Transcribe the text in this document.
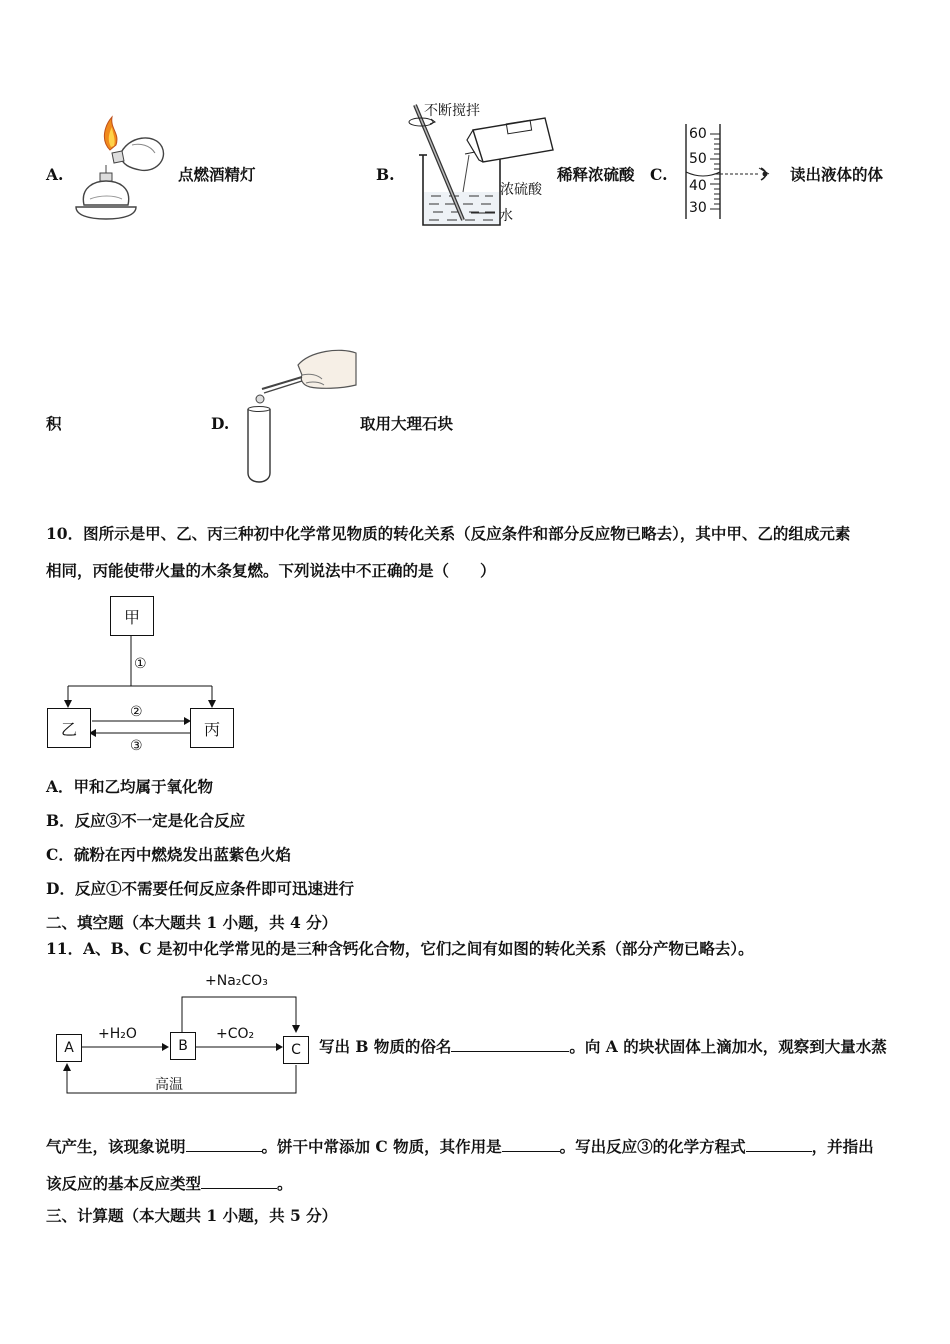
A.	点燃酒精灯	B.
不断搅拌
浓硫酸
水
稀释浓硫酸 C.
60
50
40
30
读出液体的体
积	D.	取用大理石块
10．图所示是甲、乙、丙三种初中化学常见物质的转化关系（反应条件和部分反应物已略去），其中甲、乙的组成元素
相同，丙能使带火量的木条复燃。下列说法中不正确的是（　　）
甲
乙	丙
①
②
③
A．甲和乙均属于氧化物
B．反应③不一定是化合反应
C．硫粉在丙中燃烧发出蓝紫色火焰
D．反应①不需要任何反应条件即可迅速进行
二、填空题（本大题共 1 小题，共 4 分）
11．A、B、C 是初中化学常见的是三种含钙化合物，它们之间有如图的转化关系（部分产物已略去）。
A	B	C
+H₂O	+CO₂
+Na₂CO₃
高温
写出 B 物质的俗名	。向 A 的块状固体上滴加水，观察到大量水蒸
气产生，该现象说明	。饼干中常添加 C 物质，其作用是	。写出反应③的化学方程式	，并指出
该反应的基本反应类型	。
三、计算题（本大题共 1 小题，共 5 分）
